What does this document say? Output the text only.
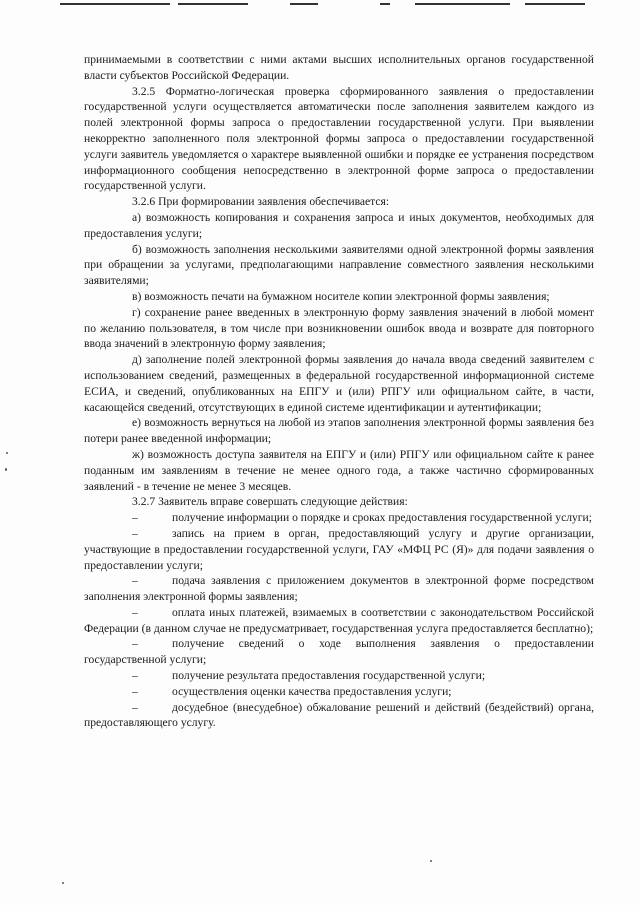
принимаемыми в соответствии с ними актами высших исполнительных органов государственной власти субъектов Российской Федерации.

3.2.5 Форматно-логическая проверка сформированного заявления о предоставлении государственной услуги осуществляется автоматически после заполнения заявителем каждого из полей электронной формы запроса о предоставлении государственной услуги. При выявлении некорректно заполненного поля электронной формы запроса о предоставлении государственной услуги заявитель уведомляется о характере выявленной ошибки и порядке ее устранения посредством информационного сообщения непосредственно в электронной форме запроса о предоставлении государственной услуги.

3.2.6 При формировании заявления обеспечивается:

а) возможность копирования и сохранения запроса и иных документов, необходимых для предоставления услуги;

б) возможность заполнения несколькими заявителями одной электронной формы заявления при обращении за услугами, предполагающими направление совместного заявления несколькими заявителями;

в) возможность печати на бумажном носителе копии электронной формы заявления;

г) сохранение ранее введенных в электронную форму заявления значений в любой момент по желанию пользователя, в том числе при возникновении ошибок ввода и возврате для повторного ввода значений в электронную форму заявления;

д) заполнение полей электронной формы заявления до начала ввода сведений заявителем с использованием сведений, размещенных в федеральной государственной информационной системе ЕСИА, и сведений, опубликованных на ЕПГУ и (или) РПГУ или официальном сайте, в части, касающейся сведений, отсутствующих в единой системе идентификации и аутентификации;

е) возможность вернуться на любой из этапов заполнения электронной формы заявления без потери ранее введенной информации;

ж) возможность доступа заявителя на ЕПГУ и (или) РПГУ или официальном сайте к ранее поданным им заявлениям в течение не менее одного года, а также частично сформированных заявлений - в течение не менее 3 месяцев.

3.2.7 Заявитель вправе совершать следующие действия:

–	получение информации о порядке и сроках предоставления государственной услуги;

–	запись на прием в орган, предоставляющий услугу и другие организации, участвующие в предоставлении государственной услуги, ГАУ «МФЦ РС (Я)» для подачи заявления о предоставлении услуги;

–	подача заявления с приложением документов в электронной форме посредством заполнения электронной формы заявления;

–	оплата иных платежей, взимаемых в соответствии с законодательством Российской Федерации (в данном случае не предусматривает, государственная услуга предоставляется бесплатно);

–	получение сведений о ходе выполнения заявления о предоставлении государственной услуги;

–	получение результата предоставления государственной услуги;

–	осуществления оценки качества предоставления услуги;

–	досудебное (внесудебное) обжалование решений и действий (бездействий) органа, предоставляющего услугу.
